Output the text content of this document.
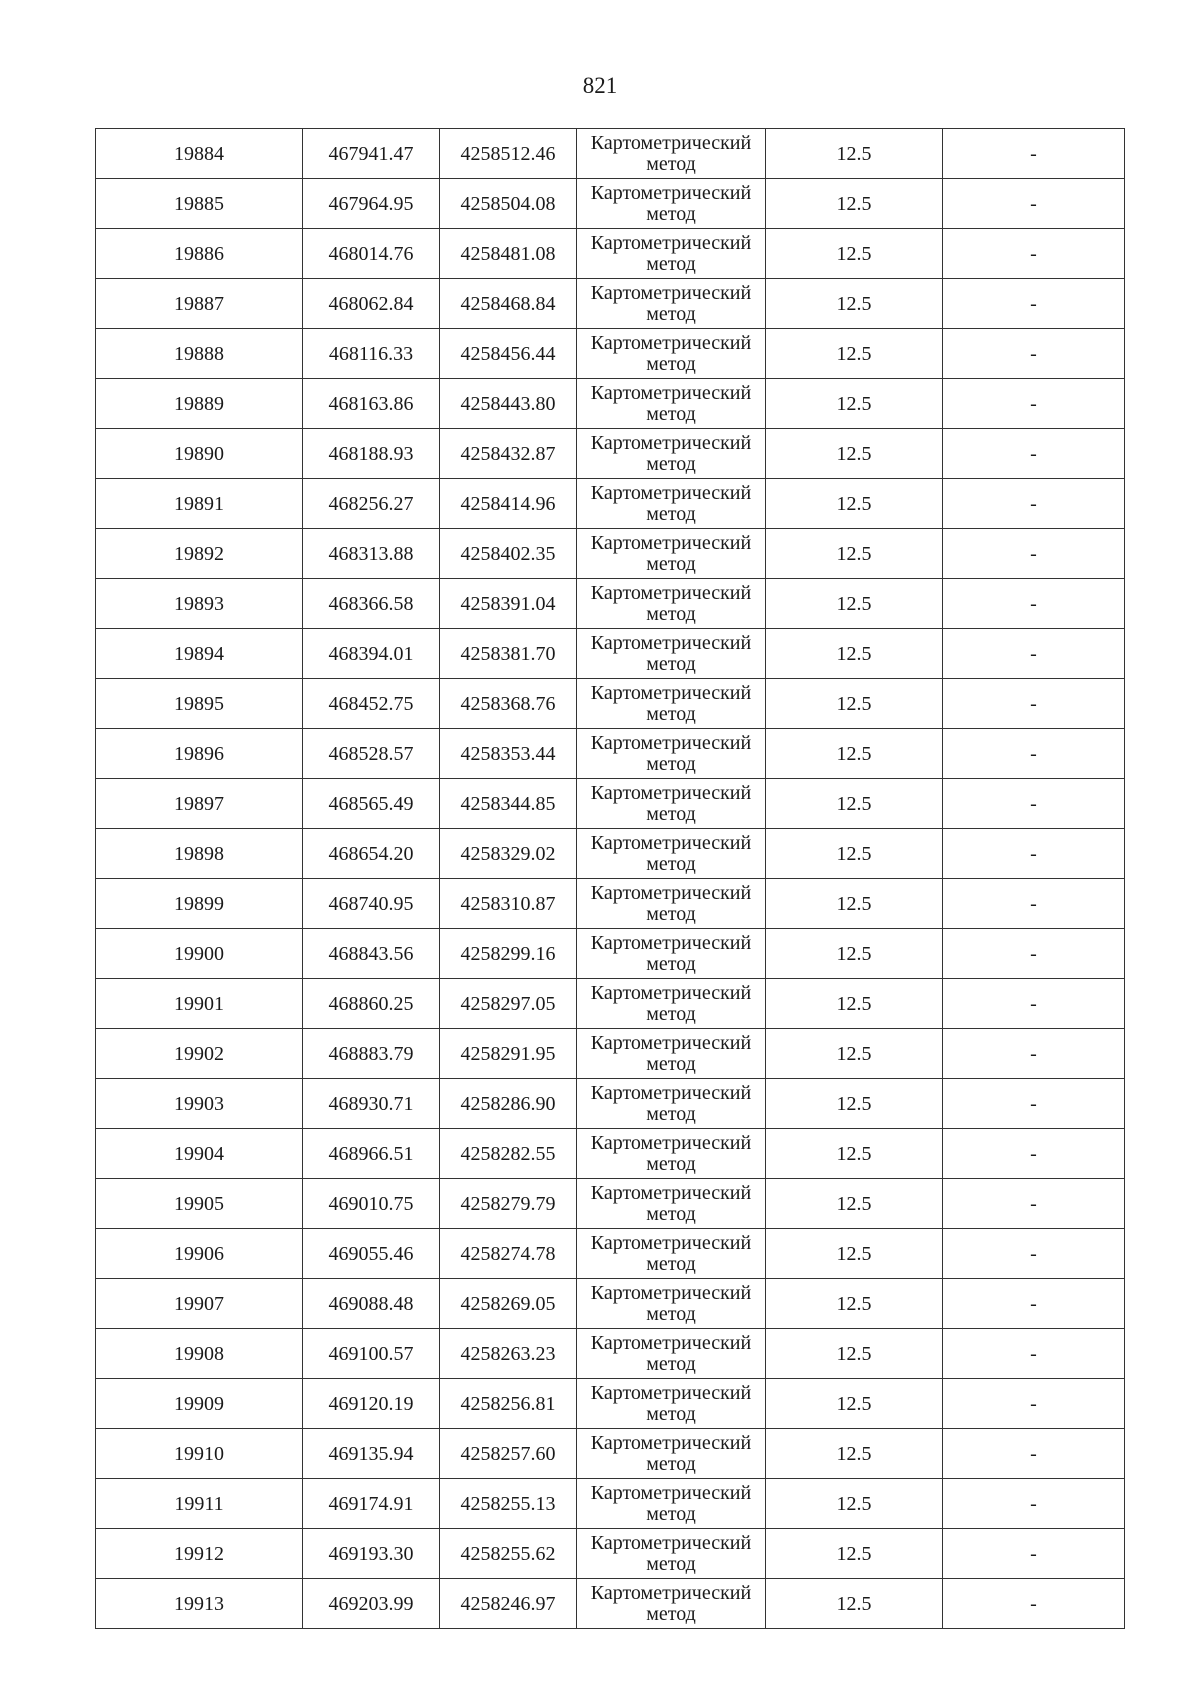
821
19884	467941.47	4258512.46	Картометрический метод	12.5	-
19885	467964.95	4258504.08	Картометрический метод	12.5	-
19886	468014.76	4258481.08	Картометрический метод	12.5	-
19887	468062.84	4258468.84	Картометрический метод	12.5	-
19888	468116.33	4258456.44	Картометрический метод	12.5	-
19889	468163.86	4258443.80	Картометрический метод	12.5	-
19890	468188.93	4258432.87	Картометрический метод	12.5	-
19891	468256.27	4258414.96	Картометрический метод	12.5	-
19892	468313.88	4258402.35	Картометрический метод	12.5	-
19893	468366.58	4258391.04	Картометрический метод	12.5	-
19894	468394.01	4258381.70	Картометрический метод	12.5	-
19895	468452.75	4258368.76	Картометрический метод	12.5	-
19896	468528.57	4258353.44	Картометрический метод	12.5	-
19897	468565.49	4258344.85	Картометрический метод	12.5	-
19898	468654.20	4258329.02	Картометрический метод	12.5	-
19899	468740.95	4258310.87	Картометрический метод	12.5	-
19900	468843.56	4258299.16	Картометрический метод	12.5	-
19901	468860.25	4258297.05	Картометрический метод	12.5	-
19902	468883.79	4258291.95	Картометрический метод	12.5	-
19903	468930.71	4258286.90	Картометрический метод	12.5	-
19904	468966.51	4258282.55	Картометрический метод	12.5	-
19905	469010.75	4258279.79	Картометрический метод	12.5	-
19906	469055.46	4258274.78	Картометрический метод	12.5	-
19907	469088.48	4258269.05	Картометрический метод	12.5	-
19908	469100.57	4258263.23	Картометрический метод	12.5	-
19909	469120.19	4258256.81	Картометрический метод	12.5	-
19910	469135.94	4258257.60	Картометрический метод	12.5	-
19911	469174.91	4258255.13	Картометрический метод	12.5	-
19912	469193.30	4258255.62	Картометрический метод	12.5	-
19913	469203.99	4258246.97	Картометрический метод	12.5	-
